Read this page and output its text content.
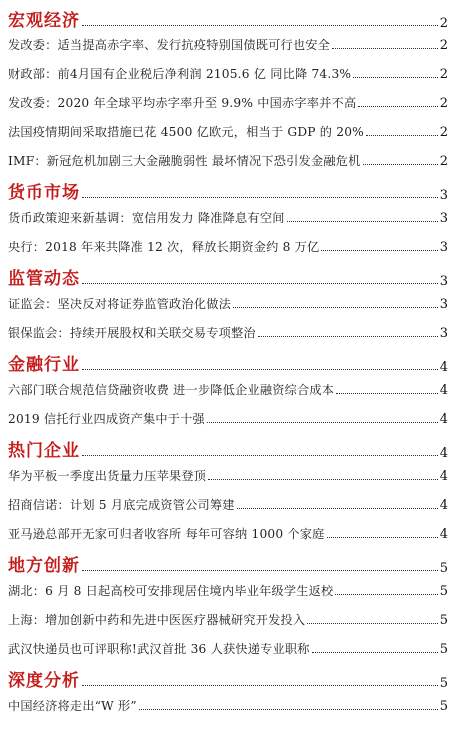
宏观经济	2
发改委：适当提高赤字率、发行抗疫特别国债既可行也安全	2
财政部：前4月国有企业税后净利润 2105.6 亿 同比降 74.3%	2
发改委：2020 年全球平均赤字率升至 9.9% 中国赤字率并不高	2
法国疫情期间采取措施已花 4500 亿欧元，相当于 GDP 的 20%	2
IMF：新冠危机加剧三大金融脆弱性 最坏情况下恐引发金融危机	2
货币市场	3
货币政策迎来新基调：宽信用发力 降准降息有空间	3
央行：2018 年来共降准 12 次，释放长期资金约 8 万亿	3
监管动态	3
证监会：坚决反对将证券监管政治化做法	3
银保监会：持续开展股权和关联交易专项整治	3
金融行业	4
六部门联合规范信贷融资收费 进一步降低企业融资综合成本	4
2019 信托行业四成资产集中于十强	4
热门企业	4
华为平板一季度出货量力压苹果登顶	4
招商信诺：计划 5 月底完成资管公司筹建	4
亚马逊总部开无家可归者收容所 每年可容纳 1000 个家庭	4
地方创新	5
湖北：6 月 8 日起高校可安排现居住境内毕业年级学生返校	5
上海：增加创新中药和先进中医医疗器械研究开发投入	5
武汉快递员也可评职称!武汉首批 36 人获快递专业职称	5
深度分析	5
中国经济将走出“W 形”	5
